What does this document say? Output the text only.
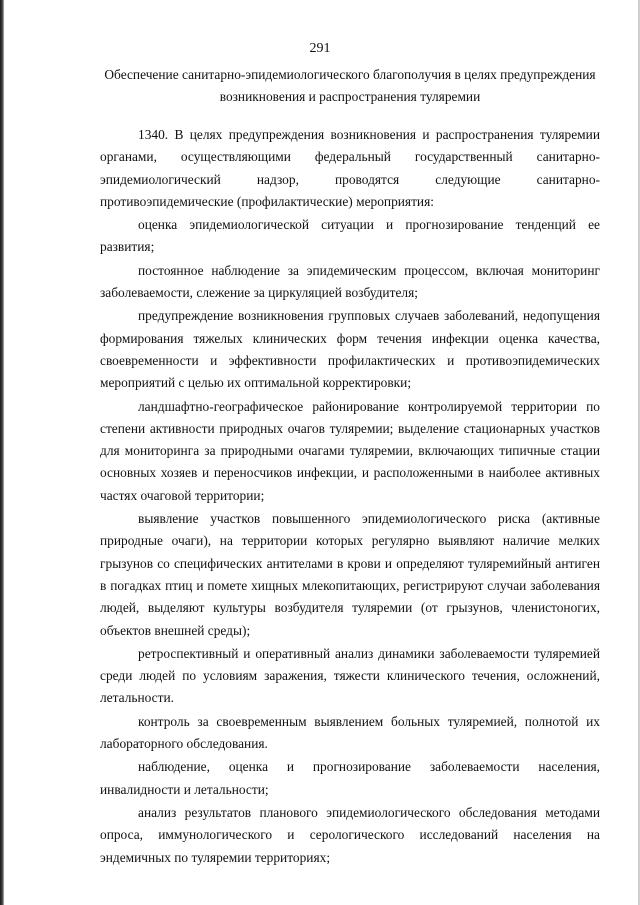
291
Обеспечение санитарно-эпидемиологического благополучия в целях предупреждения
возникновения и распространения туляремии

1340. В целях предупреждения возникновения и распространения туляремии органами, осуществляющими федеральный государственный санитарно-эпидемиологический надзор, проводятся следующие санитарно-противоэпидемические (профилактические) мероприятия:

оценка эпидемиологической ситуации и прогнозирование тенденций ее развития;

постоянное наблюдение за эпидемическим процессом, включая мониторинг заболеваемости, слежение за циркуляцией возбудителя;

предупреждение возникновения групповых случаев заболеваний, недопущения формирования тяжелых клинических форм течения инфекции оценка качества, своевременности и эффективности профилактических и противоэпидемических мероприятий с целью их оптимальной корректировки;

ландшафтно-географическое районирование контролируемой территории по степени активности природных очагов туляремии; выделение стационарных участков для мониторинга за природными очагами туляремии, включающих типичные стации основных хозяев и переносчиков инфекции, и расположенными в наиболее активных частях очаговой территории;

выявление участков повышенного эпидемиологического риска (активные природные очаги), на территории которых регулярно выявляют наличие мелких грызунов со специфических антителами в крови и определяют туляремийный антиген в погадках птиц и помете хищных млекопитающих, регистрируют случаи заболевания людей, выделяют культуры возбудителя туляремии (от грызунов, членистоногих, объектов внешней среды);

ретроспективный и оперативный анализ динамики заболеваемости туляремией среди людей по условиям заражения, тяжести клинического течения, осложнений, летальности.

контроль за своевременным выявлением больных туляремией, полнотой их лабораторного обследования.

наблюдение, оценка и прогнозирование заболеваемости населения, инвалидности и летальности;

анализ результатов планового эпидемиологического обследования методами опроса, иммунологического и серологического исследований населения на эндемичных по туляремии территориях;
